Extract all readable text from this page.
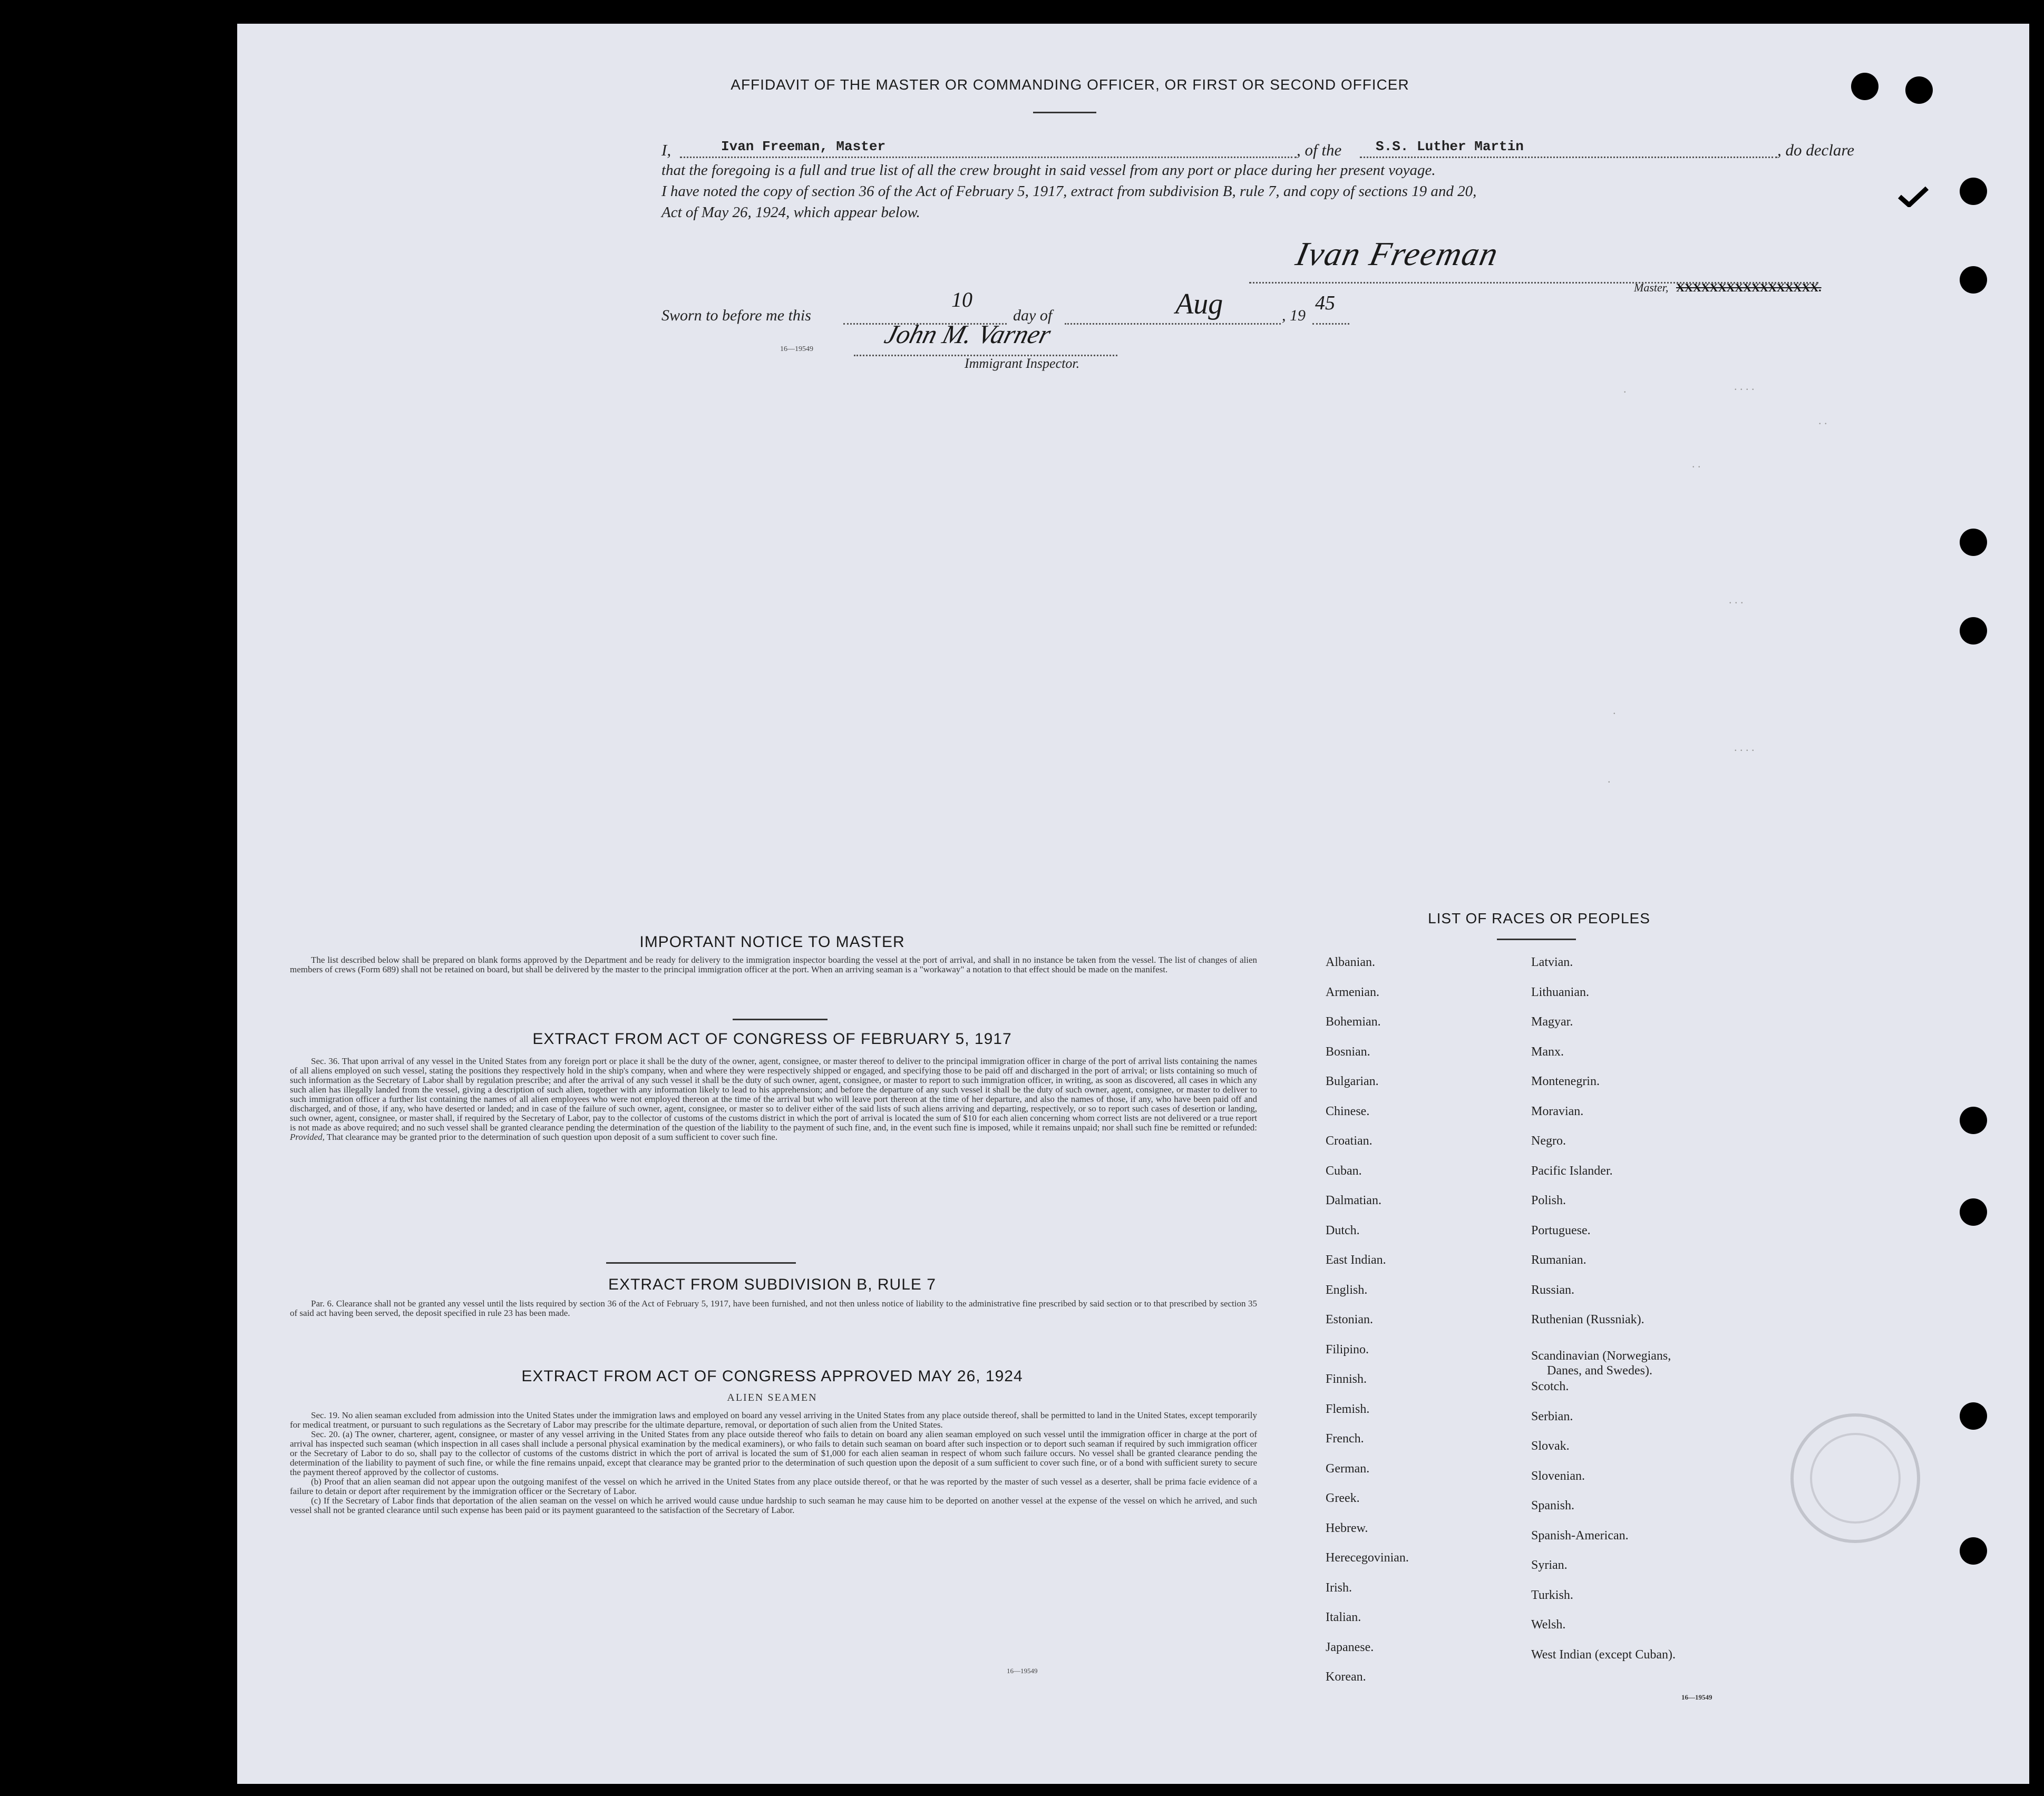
AFFIDAVIT OF THE MASTER OR COMMANDING OFFICER, OR FIRST OR SECOND OFFICER
I,	Ivan Freeman, Master	, of the S.S. Luther Martin	, do declare
that the foregoing is a full and true list of all the crew brought in said vessel from any port or place during her present voyage.
I have noted the copy of section 36 of the Act of February 5, 1917, extract from subdivision B, rule 7, and copy of sections 19 and 20,
Act of May 26, 1924, which appear below.
Ivan Freeman
Master, XXXXXXXXXXXXXXXXX.
Sworn to before me this
10
day of	Aug	, 19
45
John M. Varner
Immigrant Inspector.
16—19549
.	. . . .
. .
. .
. . .
.
. . . .
.
IMPORTANT NOTICE TO MASTER
The list described below shall be prepared on blank forms approved by the Department and be ready for delivery to the immigration inspector boarding the vessel at the port of arrival, and shall in no instance be taken from the vessel. The list of changes of alien members of crews (Form 689) shall not be retained on board, but shall be delivered by the master to the principal immigration officer at the port. When an arriving seaman is a "workaway" a notation to that effect should be made on the manifest.
EXTRACT FROM ACT OF CONGRESS OF FEBRUARY 5, 1917
Sec. 36. That upon arrival of any vessel in the United States from any foreign port or place it shall be the duty of the owner, agent, consignee, or master thereof to deliver to the principal immigration officer in charge of the port of arrival lists containing the names of all aliens employed on such vessel, stating the positions they respectively hold in the ship's company, when and where they were respectively shipped or engaged, and specifying those to be paid off and discharged in the port of arrival; or lists containing so much of such information as the Secretary of Labor shall by regulation prescribe; and after the arrival of any such vessel it shall be the duty of such owner, agent, consignee, or master to report to such immigration officer, in writing, as soon as discovered, all cases in which any such alien has illegally landed from the vessel, giving a description of such alien, together with any information likely to lead to his apprehension; and before the departure of any such vessel it shall be the duty of such owner, agent, consignee, or master to deliver to such immigration officer a further list containing the names of all alien employees who were not employed thereon at the time of the arrival but who will leave port thereon at the time of her departure, and also the names of those, if any, who have been paid off and discharged, and of those, if any, who have deserted or landed; and in case of the failure of such owner, agent, consignee, or master so to deliver either of the said lists of such aliens arriving and departing, respectively, or so to report such cases of desertion or landing, such owner, agent, consignee, or master shall, if required by the Secretary of Labor, pay to the collector of customs of the customs district in which the port of arrival is located the sum of $10 for each alien concerning whom correct lists are not delivered or a true report is not made as above required; and no such vessel shall be granted clearance pending the determination of the question of the liability to the payment of such fine, and, in the event such fine is imposed, while it remains unpaid; nor shall such fine be remitted or refunded: Provided, That clearance may be granted prior to the determination of such question upon deposit of a sum sufficient to cover such fine.
EXTRACT FROM SUBDIVISION B, RULE 7
Par. 6. Clearance shall not be granted any vessel until the lists required by section 36 of the Act of February 5, 1917, have been furnished, and not then unless notice of liability to the administrative fine prescribed by said section or to that prescribed by section 35 of said act having been served, the deposit specified in rule 23 has been made.
EXTRACT FROM ACT OF CONGRESS APPROVED MAY 26, 1924
ALIEN SEAMEN
Sec. 19. No alien seaman excluded from admission into the United States under the immigration laws and employed on board any vessel arriving in the United States from any place outside thereof, shall be permitted to land in the United States, except temporarily for medical treatment, or pursuant to such regulations as the Secretary of Labor may prescribe for the ultimate departure, removal, or deportation of such alien from the United States.
Sec. 20. (a) The owner, charterer, agent, consignee, or master of any vessel arriving in the United States from any place outside thereof who fails to detain on board any alien seaman employed on such vessel until the immigration officer in charge at the port of arrival has inspected such seaman (which inspection in all cases shall include a personal physical examination by the medical examiners), or who fails to detain such seaman on board after such inspection or to deport such seaman if required by such immigration officer or the Secretary of Labor to do so, shall pay to the collector of customs of the customs district in which the port of arrival is located the sum of $1,000 for each alien seaman in respect of whom such failure occurs. No vessel shall be granted clearance pending the determination of the liability to payment of such fine, or while the fine remains unpaid, except that clearance may be granted prior to the determination of such question upon the deposit of a sum sufficient to cover such fine, or of a bond with sufficient surety to secure the payment thereof approved by the collector of customs.
(b) Proof that an alien seaman did not appear upon the outgoing manifest of the vessel on which he arrived in the United States from any place outside thereof, or that he was reported by the master of such vessel as a deserter, shall be prima facie evidence of a failure to detain or deport after requirement by the immigration officer or the Secretary of Labor.
(c) If the Secretary of Labor finds that deportation of the alien seaman on the vessel on which he arrived would cause undue hardship to such seaman he may cause him to be deported on another vessel at the expense of the vessel on which he arrived, and such vessel shall not be granted clearance until such expense has been paid or its payment guaranteed to the satisfaction of the Secretary of Labor.
16—19549
LIST OF RACES OR PEOPLES
16—19549
Albanian.
Armenian.
Bohemian.
Bosnian.
Bulgarian.
Chinese.
Croatian.
Cuban.
Dalmatian.
Dutch.
East Indian.
English.
Estonian.
Filipino.
Finnish.
Flemish.
French.
German.
Greek.
Hebrew.
Herecegovinian.
Irish.
Italian.
Japanese.
Korean.
Latvian.
Lithuanian.
Magyar.
Manx.
Montenegrin.
Moravian.
Negro.
Pacific Islander.
Polish.
Portuguese.
Rumanian.
Russian.
Ruthenian (Russniak).
Scandinavian (Norwegians,
Danes, and Swedes).
Scotch.
Serbian.
Slovak.
Slovenian.
Spanish.
Spanish-American.
Syrian.
Turkish.
Welsh.
West Indian (except Cuban).
